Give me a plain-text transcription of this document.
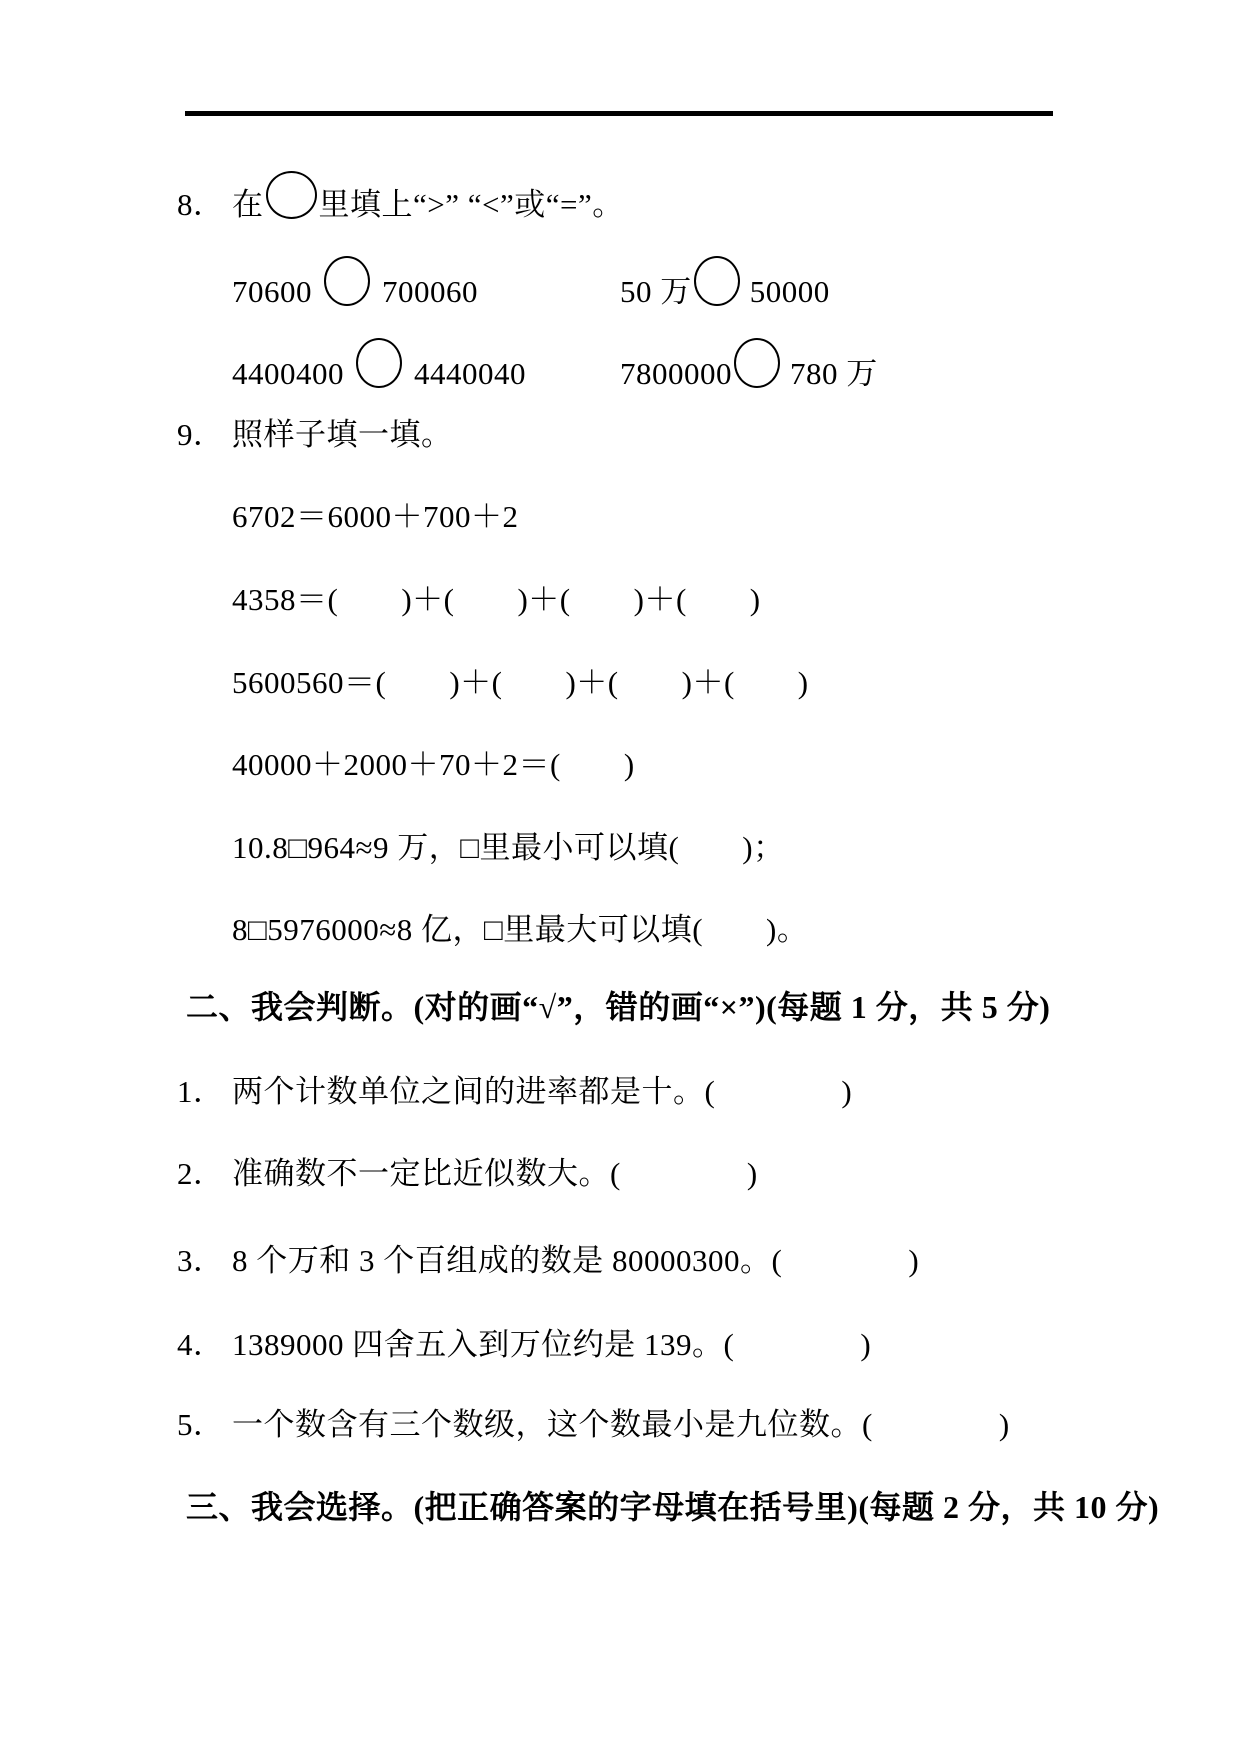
8． 在 里填上“>” “<”或“=”。
70600 700060	50 万 50000
4400400 4440040	7800000 780 万
9． 照样子填一填。
6702＝6000＋700＋2
4358＝(　　)＋(　　)＋(　　)＋(　　)
5600560＝(　　)＋(　　)＋(　　)＋(　　)
40000＋2000＋70＋2＝(　　)
10.8□964≈9 万，□里最小可以填(　　)；
8□5976000≈8 亿，□里最大可以填(　　)。
二、我会判断。(对的画“√”，错的画“×”)(每题 1 分，共 5 分)
1． 两个计数单位之间的进率都是十。(　　　　)
2． 准确数不一定比近似数大。(　　　　)
3． 8 个万和 3 个百组成的数是 80000300。(　　　　)
4． 1389000 四舍五入到万位约是 139。(　　　　)
5． 一个数含有三个数级，这个数最小是九位数。(　　　　)
三、我会选择。(把正确答案的字母填在括号里)(每题 2 分，共 10 分)
